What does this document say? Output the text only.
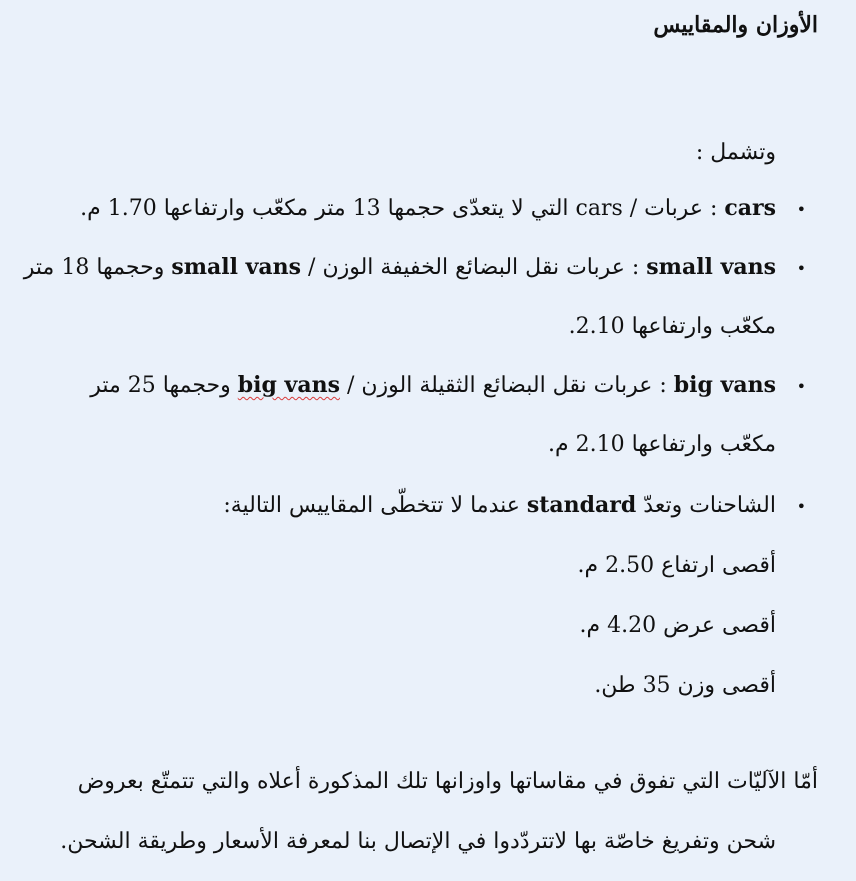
الأوزان والمقاييس
وتشمل :
•
cars : عربات / cars التي لا يتعدّى حجمها 13 متر مكعّب وارتفاعها 1.70 م.
•
small vans : عربات نقل البضائع الخفيفة الوزن / small vans وحجمها 18 متر
مكعّب وارتفاعها 2.10.
•
big vans : عربات نقل البضائع الثقيلة الوزن / big vans وحجمها 25 متر
مكعّب وارتفاعها 2.10 م.
•
الشاحنات وتعدّ standard عندما لا تتخطّى المقاييس التالية:
أقصى ارتفاع 2.50 م.
أقصى عرض 4.20 م.
أقصى وزن 35 طن.
أمّا الآليّات التي تفوق في مقاساتها واوزانها تلك المذكورة أعلاه والتي تتمتّع بعروض
شحن وتفريغ خاصّة بها لاتتردّدوا في الإتصال بنا لمعرفة الأسعار وطريقة الشحن.
